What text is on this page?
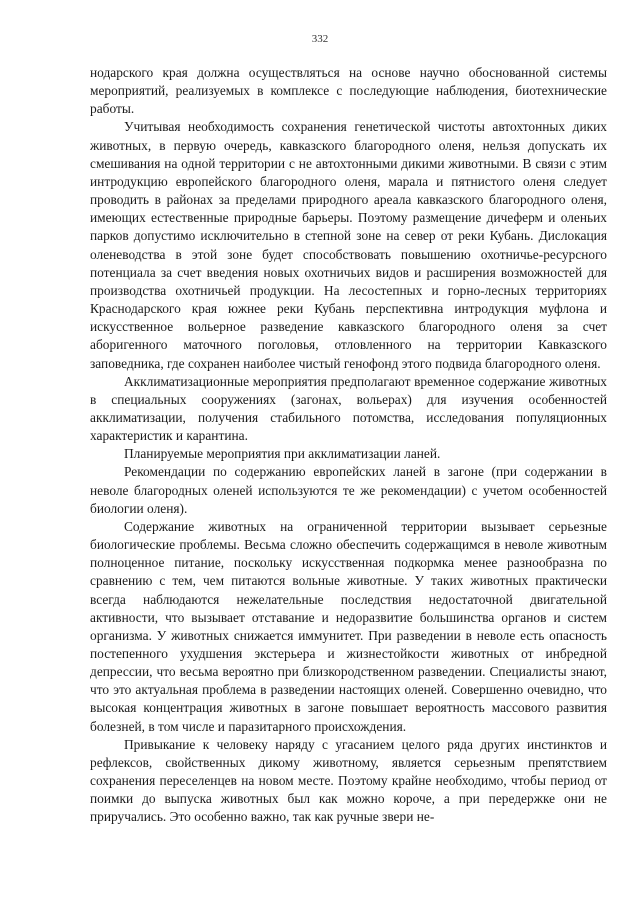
332

нодарского края должна осуществляться на основе научно обоснованной системы мероприятий, реализуемых в комплексе с последующие наблюдения, биотехнические работы.

Учитывая необходимость сохранения генетической чистоты автохтонных диких животных, в первую очередь, кавказского благородного оленя, нельзя допускать их смешивания на одной территории с не автохтонными дикими животными. В связи с этим интродукцию европейского благородного оленя, марала и пятнистого оленя следует проводить в районах за пределами природного ареала кавказского благородного оленя, имеющих естественные природные барьеры. Поэтому размещение дичеферм и оленьих парков допустимо исключительно в степной зоне на север от реки Кубань. Дислокация оленеводства в этой зоне будет способствовать повышению охотничье-ресурсного потенциала за счет введения новых охотничьих видов и расширения возможностей для производства охотничьей продукции. На лесостепных и горно-лесных территориях Краснодарского края южнее реки Кубань перспективна интродукция муфлона и искусственное вольерное разведение кавказского благородного оленя за счет аборигенного маточного поголовья, отловленного на территории Кавказского заповедника, где сохранен наиболее чистый генофонд этого подвида благородного оленя.

Акклиматизационные мероприятия предполагают временное содержание животных в специальных сооружениях (загонах, вольерах) для изучения особенностей акклиматизации, получения стабильного потомства, исследования популяционных характеристик и карантина.

Планируемые мероприятия при акклиматизации ланей.

Рекомендации по содержанию европейских ланей в загоне (при содержании в неволе благородных оленей используются те же рекомендации) с учетом особенностей биологии оленя).

Содержание животных на ограниченной территории вызывает серьезные биологические проблемы. Весьма сложно обеспечить содержащимся в неволе животным полноценное питание, поскольку искусственная подкормка менее разнообразна по сравнению с тем, чем питаются вольные животные. У таких животных практически всегда наблюдаются нежелательные последствия недостаточной двигательной активности, что вызывает отставание и недоразвитие большинства органов и систем организма. У животных снижается иммунитет. При разведении в неволе есть опасность постепенного ухудшения экстерьера и жизнестойкости животных от инбредной депрессии, что весьма вероятно при близкородственном разведении. Специалисты знают, что это актуальная проблема в разведении настоящих оленей. Совершенно очевидно, что высокая концентрация животных в загоне повышает вероятность массового развития болезней, в том числе и паразитарного происхождения.

Привыкание к человеку наряду с угасанием целого ряда других инстинктов и рефлексов, свойственных дикому животному, является серьезным препятствием сохранения переселенцев на новом месте. Поэтому крайне необходимо, чтобы период от поимки до выпуска животных был как можно короче, а при передержке они не приручались. Это особенно важно, так как ручные звери не-
